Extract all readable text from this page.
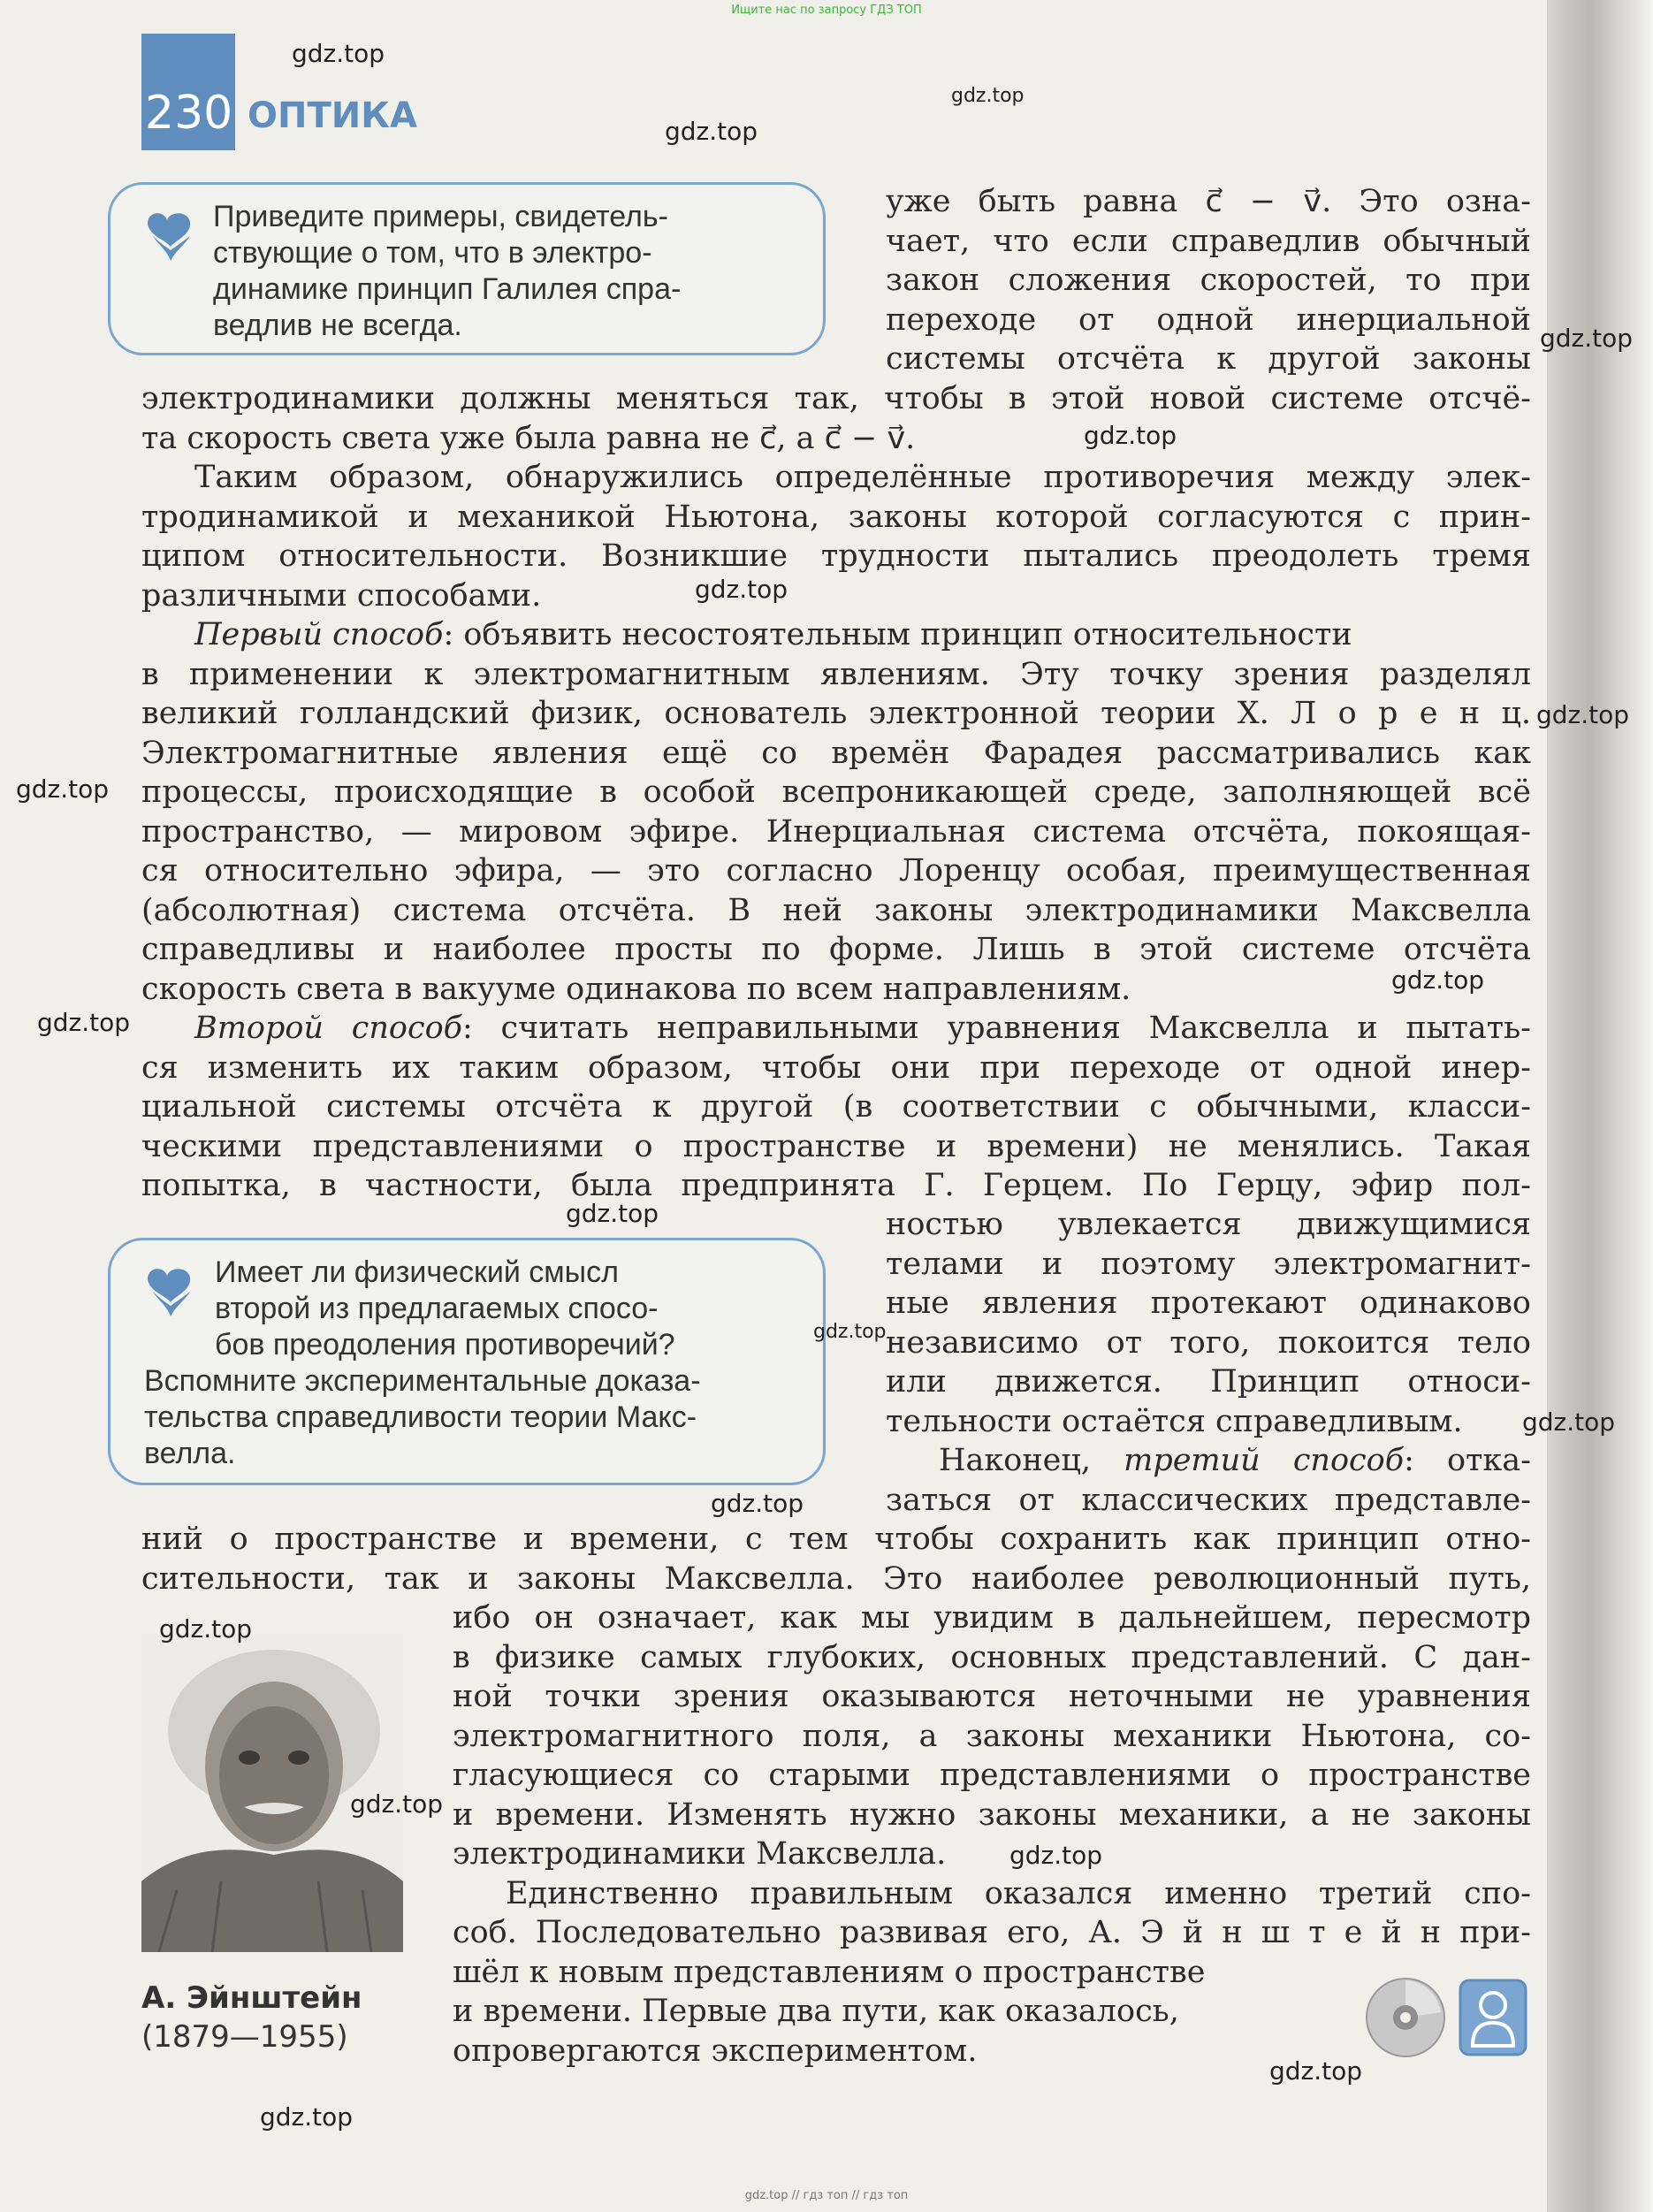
Ищите нас по запросу ГДЗ ТОП
230 ОПТИКА
Приведите примеры, свидетель-
ствующие о том, что в электро-
динамике принцип Галилея спра-
ведлив не всегда.
уже быть равна c⃗ − v⃗. Это озна-
чает, что если справедлив обычный
закон сложения скоростей, то при
переходе от одной инерциальной
системы отсчёта к другой законы
электродинамики должны меняться так, чтобы в этой новой системе отсчё-
та скорость света уже была равна не c⃗, а c⃗ − v⃗.
Таким образом, обнаружились определённые противоречия между элек-
тродинамикой и механикой Ньютона, законы которой согласуются с прин-
ципом относительности. Возникшие трудности пытались преодолеть тремя
различными способами.
Первый способ: объявить несостоятельным принцип относительности
в применении к электромагнитным явлениям. Эту точку зрения разделял
великий голландский физик, основатель электронной теории Х. Л о р е н ц.
Электромагнитные явления ещё со времён Фарадея рассматривались как
процессы, происходящие в особой всепроникающей среде, заполняющей всё
пространство, — мировом эфире. Инерциальная система отсчёта, покоящая-
ся относительно эфира, — это согласно Лоренцу особая, преимущественная
(абсолютная) система отсчёта. В ней законы электродинамики Максвелла
справедливы и наиболее просты по форме. Лишь в этой системе отсчёта
скорость света в вакууме одинакова по всем направлениям.
Второй способ: считать неправильными уравнения Максвелла и пытать-
ся изменить их таким образом, чтобы они при переходе от одной инер-
циальной системы отсчёта к другой (в соответствии с обычными, класси-
ческими представлениями о пространстве и времени) не менялись. Такая
попытка, в частности, была предпринята Г. Герцем. По Герцу, эфир пол-
Имеет ли физический смысл
второй из предлагаемых спосо-
бов преодоления противоречий?
Вспомните экспериментальные доказа-
тельства справедливости теории Макс-
велла.
ностью увлекается движущимися
телами и поэтому электромагнит-
ные явления протекают одинаково
независимо от того, покоится тело
или движется. Принцип относи-
тельности остаётся справедливым.
Наконец, третий способ: отка-
заться от классических представле-
ний о пространстве и времени, с тем чтобы сохранить как принцип отно-
сительности, так и законы Максвелла. Это наиболее революционный путь,
А. Эйнштейн
(1879—1955)
ибо он означает, как мы увидим в дальнейшем, пересмотр
в физике самых глубоких, основных представлений. С дан-
ной точки зрения оказываются неточными не уравнения
электромагнитного поля, а законы механики Ньютона, со-
гласующиеся со старыми представлениями о пространстве
и времени. Изменять нужно законы механики, а не законы
электродинамики Максвелла.
Единственно правильным оказался именно третий спо-
соб. Последовательно развивая его, А. Э й н ш т е й н при-
шёл к новым представлениям о пространстве
и времени. Первые два пути, как оказалось,
опровергаются экспериментом.
gdz.top
gdz.top
gdz.top
gdz.top
gdz.top
gdz.top
gdz.top
gdz.top
gdz.top
gdz.top
gdz.top
gdz.top
gdz.top
gdz.top
gdz.top
gdz.top
gdz.top
gdz.top
gdz.top
gdz.top // гдз топ // гдз топ
